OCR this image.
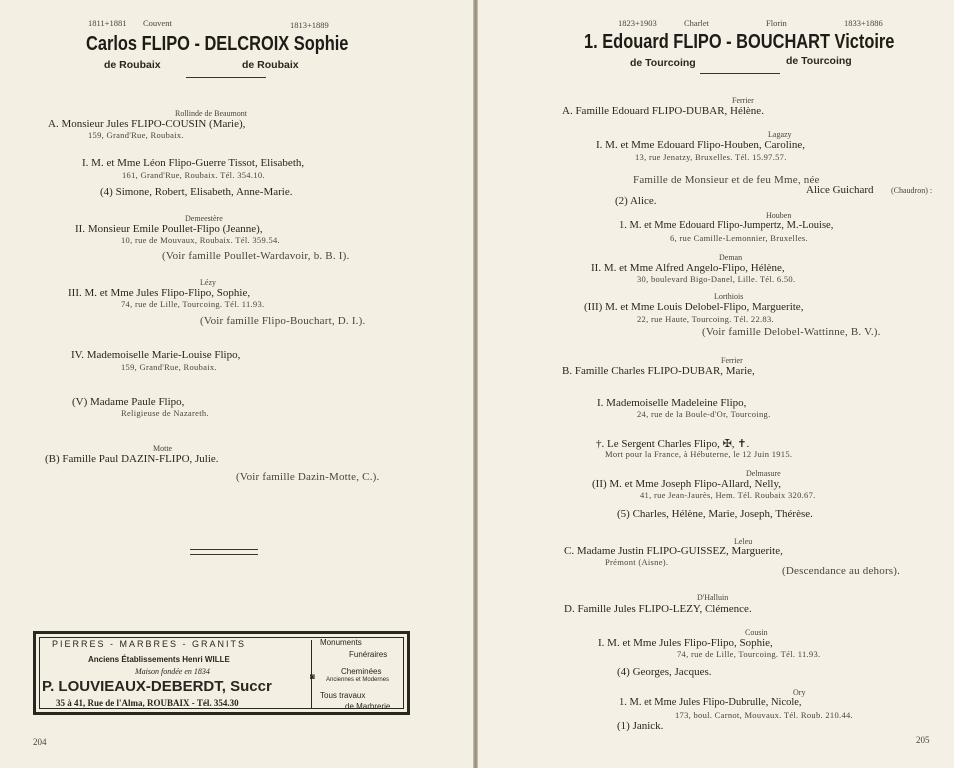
1811+1881 Couvent	1813+1889
Carlos FLIPO - DELCROIX Sophie
de Roubaix	de Roubaix
Rollinde de Beaumont
A. Monsieur Jules FLIPO-COUSIN (Marie),
159, Grand'Rue, Roubaix.
I. M. et Mme Léon Flipo-Guerre Tissot, Elisabeth,
161, Grand'Rue, Roubaix. Tél. 354.10.
(4) Simone, Robert, Elisabeth, Anne-Marie.
Demeestère
II. Monsieur Emile Poullet-Flipo (Jeanne),
10, rue de Mouvaux, Roubaix. Tél. 359.54.
(Voir famille Poullet-Wardavoir, b. B. I).
Lézy
III. M. et Mme Jules Flipo-Flipo, Sophie,
74, rue de Lille, Tourcoing. Tél. 11.93.
(Voir famille Flipo-Bouchart, D. I.).
IV. Mademoiselle Marie-Louise Flipo,
159, Grand'Rue, Roubaix.
(V) Madame Paule Flipo,
Religieuse de Nazareth.
Motte
(B) Famille Paul DAZIN-FLIPO, Julie.
(Voir famille Dazin-Motte, C.).
PIERRES - MARBRES - GRANITS
Anciens Établissements Henri WILLE
Maison fondée en 1834
P. LOUVIEAUX-DEBERDT, Succr
35 à 41, Rue de l'Alma, ROUBAIX - Tél. 354.30
Monuments
Funéraires
◙
Cheminées
Anciennes et Modernes
Tous travaux
de Marbrerie
204
1823+1903	Charlet	Florin	1833+1886
1. Edouard FLIPO - BOUCHART Victoire
de Tourcoing	de Tourcoing
Ferrier
A. Famille Edouard FLIPO-DUBAR, Hélène.
Lagazy
I. M. et Mme Edouard Flipo-Houben, Caroline,
13, rue Jenatzy, Bruxelles. Tél. 15.97.57.
Famille de Monsieur et de feu Mme, née
Alice Guichard (Chaudron) :
(2) Alice.
Houben
1. M. et Mme Edouard Flipo-Jumpertz, M.-Louise,
6, rue Camille-Lemonnier, Bruxelles.
Deman
II. M. et Mme Alfred Angelo-Flipo, Hélène,
30, boulevard Bigo-Danel, Lille. Tél. 6.50.
Lorthiois
(III) M. et Mme Louis Delobel-Flipo, Marguerite,
22, rue Haute, Tourcoing. Tél. 22.83.
(Voir famille Delobel-Wattinne, B. V.).
Ferrier
B. Famille Charles FLIPO-DUBAR, Marie,
I. Mademoiselle Madeleine Flipo,
24, rue de la Boule-d'Or, Tourcoing.
†. Le Sergent Charles Flipo, ✠, ✝.
Mort pour la France, à Hébuterne, le 12 Juin 1915.
Delmasure
(II) M. et Mme Joseph Flipo-Allard, Nelly,
41, rue Jean-Jaurès, Hem. Tél. Roubaix 320.67.
(5) Charles, Hélène, Marie, Joseph, Thérèse.
Leleu
C. Madame Justin FLIPO-GUISSEZ, Marguerite,
Prémont (Aisne).
(Descendance au dehors).
D'Halluin
D. Famille Jules FLIPO-LEZY, Clémence.
Cousin
I. M. et Mme Jules Flipo-Flipo, Sophie,
74, rue de Lille, Tourcoing. Tél. 11.93.
(4) Georges, Jacques.
Ory
1. M. et Mme Jules Flipo-Dubrulle, Nicole,
173, boul. Carnot, Mouvaux. Tél. Roub. 210.44.
(1) Janick.
205
